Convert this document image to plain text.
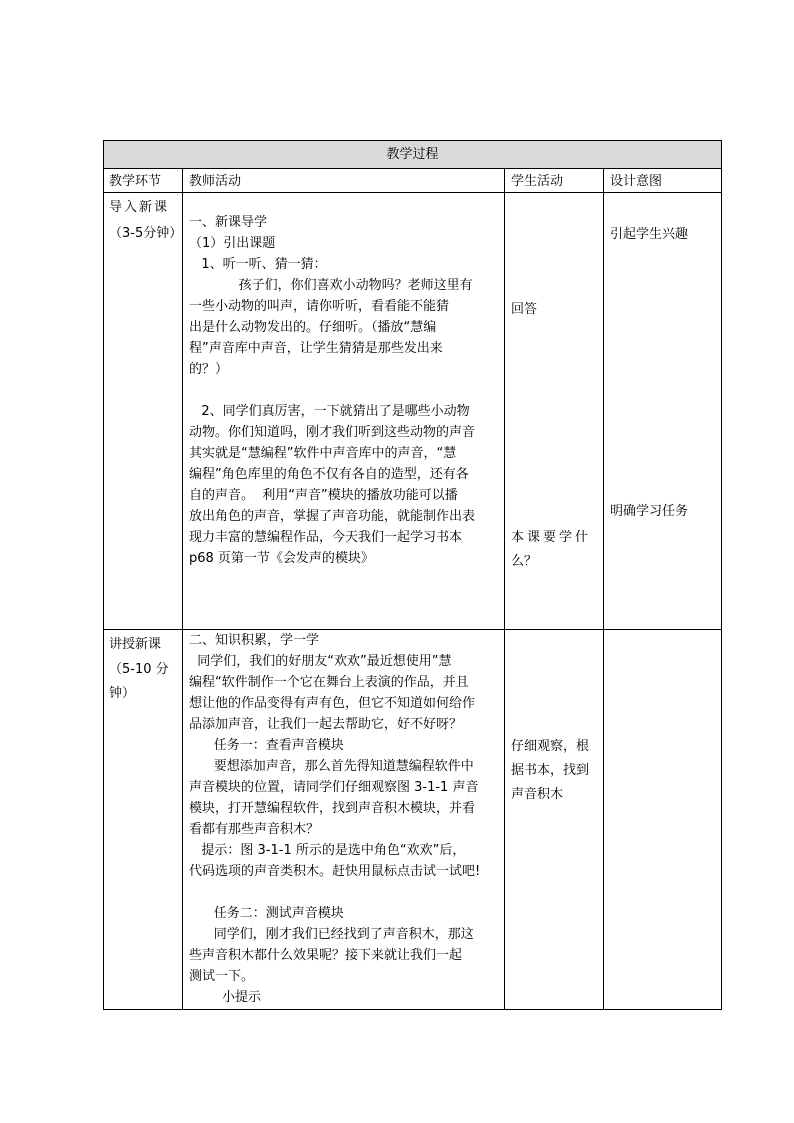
教学过程
教学环节 教师活动	学生活动	设计意图
导入新课
（3-5分钟）
一、新课导学
（1）引出课题
1、听一听、猜一猜：
孩子们，你们喜欢小动物吗？老师这里有
一些小动物的叫声，请你听听，看看能不能猜
出是什么动物发出的。仔细听。（播放“慧编
程”声音库中声音，让学生猜猜是那些发出来
的？）

2、同学们真厉害，一下就猜出了是哪些小动物
动物。你们知道吗，刚才我们听到这些动物的声音
其实就是“慧编程”软件中声音库中的声音，“慧
编程”角色库里的角色不仅有各自的造型，还有各
自的声音。  利用“声音”模块的播放功能可以播
放出角色的声音，掌握了声音功能，就能制作出表
现力丰富的慧编程作品，今天我们一起学习书本
p68 页第一节《会发声的模块》
回答
本课要学什
么？
引起学生兴趣
明确学习任务
讲授新课
（5-10 分
钟）
二、知识积累，学一学
同学们，我们的好朋友“欢欢”最近想使用”慧
编程“软件制作一个它在舞台上表演的作品，并且
想让他的作品变得有声有色，但它不知道如何给作
品添加声音，让我们一起去帮助它，好不好呀？
任务一：查看声音模块
要想添加声音，那么首先得知道慧编程软件中
声音模块的位置，请同学们仔细观察图 3-1-1 声音
模块，打开慧编程软件，找到声音积木模块，并看
看都有那些声音积木？
提示：图 3-1-1 所示的是选中角色“欢欢”后，
代码选项的声音类积木。赶快用鼠标点击试一试吧!

任务二：测试声音模块
同学们，刚才我们已经找到了声音积木，那这
些声音积木都什么效果呢？接下来就让我们一起
测试一下。
小提示
仔细观察，根
据书本，找到
声音积木
